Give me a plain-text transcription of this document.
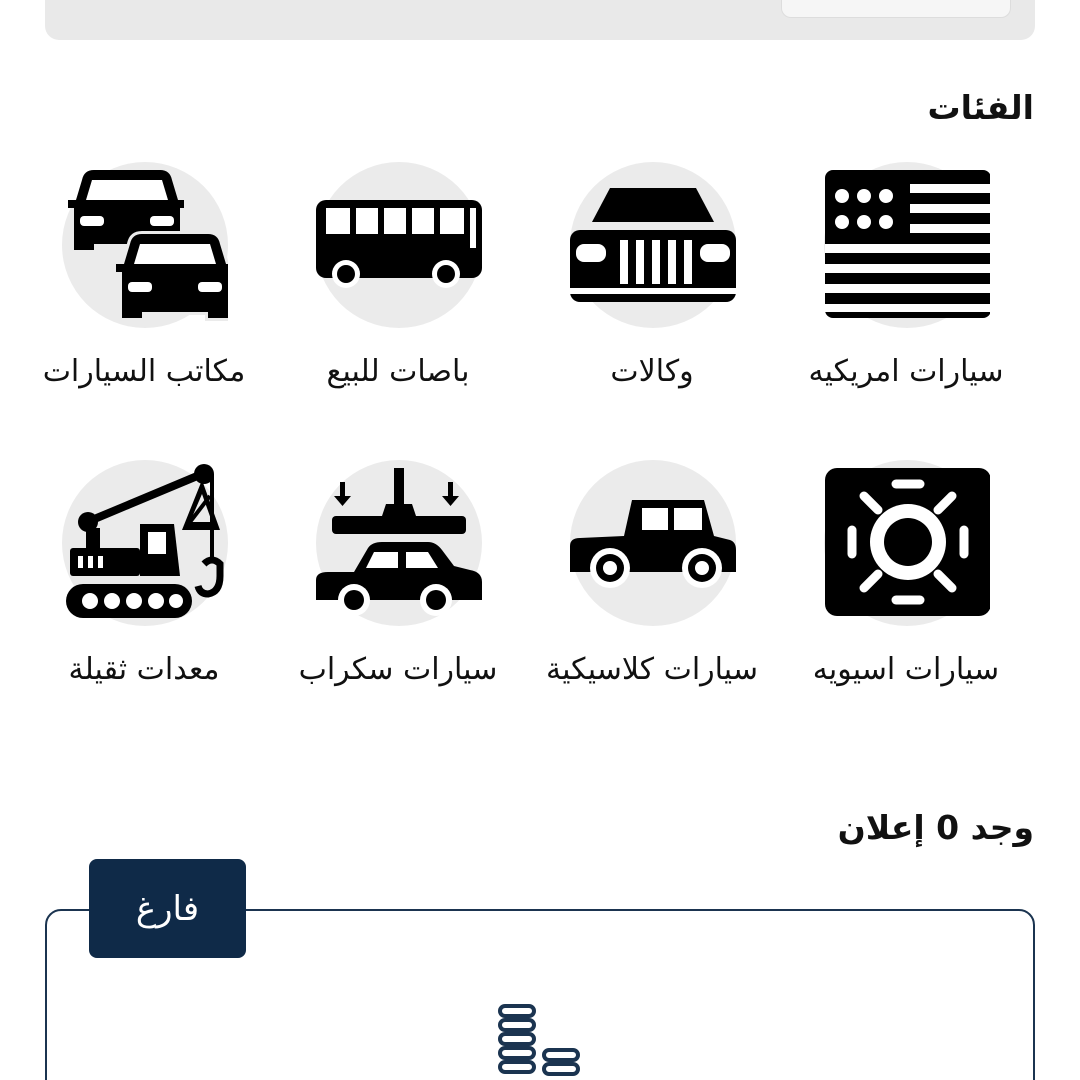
الفئات
سيارات امريكيه
وكالات
باصات للبيع
مكاتب السيارات
سيارات اسيويه
سيارات كلاسيكية
سيارات سكراب
معدات ثقيلة
وجد 0 إعلان
فارغ
